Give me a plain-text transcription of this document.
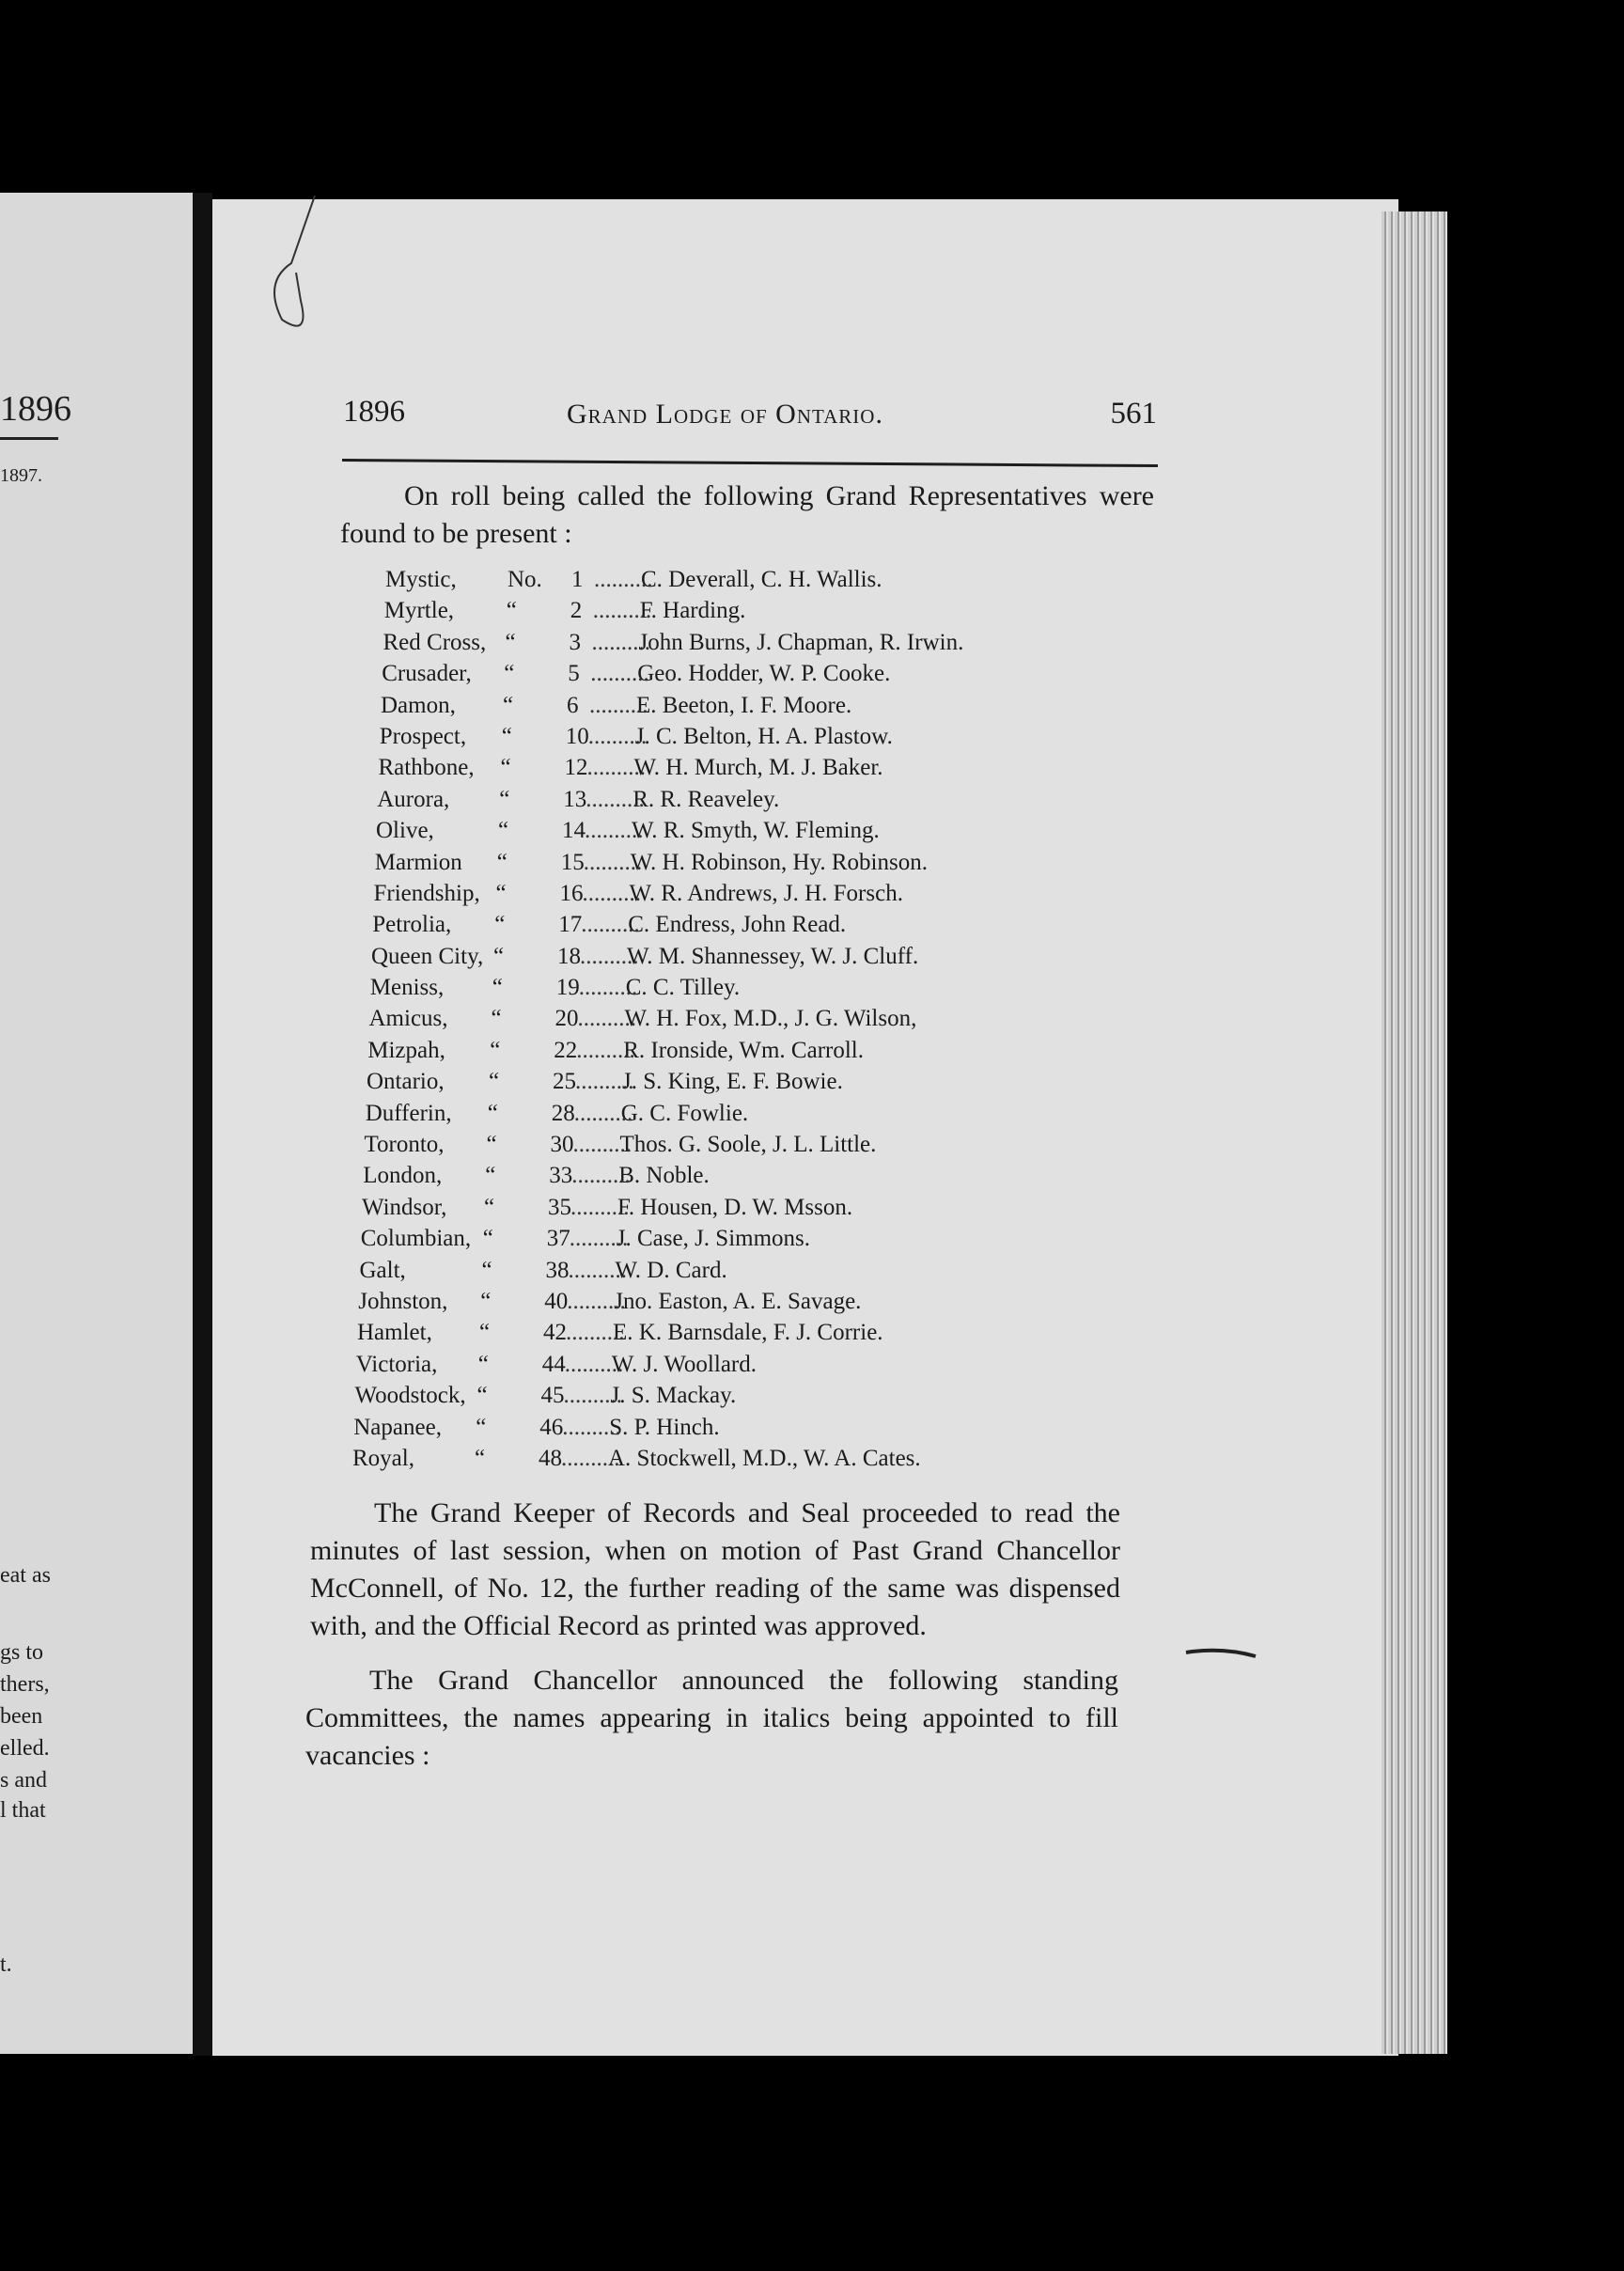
1896
1897.
eat as
gs to
thers,
been
elled.
s and
l that
t.
1896	Grand Lodge of Ontario.	561
On roll being called the following Grand Representatives were found to be present :
Mystic, No. 1 C. Deverall, C. H. Wallis.
..........
Myrtle, “ 2 F. Harding.
..........
Red Cross, “ 3 John Burns, J. Chapman, R. Irwin.
..........
Crusader, “ 5 Geo. Hodder, W. P. Cooke.
..........
Damon, “ 6 E. Beeton, I. F. Moore.
..........
Prospect, “ 10 J. C. Belton, H. A. Plastow.
..........
Rathbone, “ 12 W. H. Murch, M. J. Baker.
..........
Aurora, “ 13 R. R. Reaveley.
..........
Olive,	“ 14 W. R. Smyth, W. Fleming.
..........
Marmion “ 15 W. H. Robinson, Hy. Robinson.
..........
Friendship, “ 16 W. R. Andrews, J. H. Forsch.
..........
Petrolia, “ 17 C. Endress, John Read.
..........
Queen City, “ 18 W. M. Shannessey, W. J. Cluff.
..........
Meniss, “ 19 C. C. Tilley.
..........
Amicus, “ 20 W. H. Fox, M.D., J. G. Wilson,
..........
Mizpah, “ 22 R. Ironside, Wm. Carroll.
..........
Ontario, “ 25 J. S. King, E. F. Bowie.
..........
Dufferin, “ 28 G. C. Fowlie.
..........
Toronto, “ 30 Thos. G. Soole, J. L. Little.
..........
London, “ 33 B. Noble.
..........
Windsor, “ 35 F. Housen, D. W. Msson.
..........
Columbian, “ 37 J. Case, J. Simmons.
..........
Galt,	“ 38 W. D. Card.
..........
Johnston, “ 40 Jno. Easton, A. E. Savage.
..........
Hamlet, “ 42 E. K. Barnsdale, F. J. Corrie.
..........
Victoria, “ 44 W. J. Woollard.
..........
Woodstock, “ 45 J. S. Mackay.
..........
Napanee, “ 46 S. P. Hinch.
..........
Royal,	“ 48 A. Stockwell, M.D., W. A. Cates.
..........
The Grand Keeper of Records and Seal proceeded to read the minutes of last session, when on motion of Past Grand Chancellor McConnell, of No. 12, the further reading of the same was dispensed with, and the Official Record as printed was approved.
The Grand Chancellor announced the following standing Committees, the names appearing in italics being appointed to fill vacancies :
